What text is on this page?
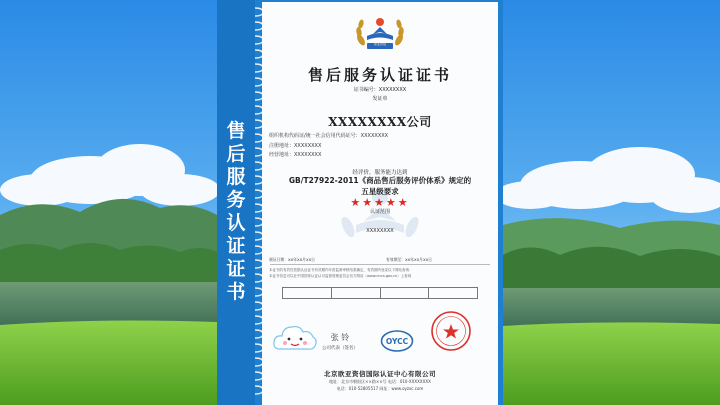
售后服务认证证书
欧亚资信
售后服务认证证书
证书编号：XXXXXXXX
发证单
XXXXXXXX公司
组织机构代码证/统一社会信用代码证号：XXXXXXXX
注册地址：XXXXXXXX
经营地址：XXXXXXXX
经评价，服务能力达到
GB/T27922-2011《商品售后服务评价体系》规定的
五星级要求
★★★★★
认证范围
XXXXXXXX
颁证日期：XX年XX月XX日	有效期至：XX年XX月XX日
本证书的有效性依据认证证书有效期内年度监督审核结果确定，有效期内登录以下网站查询：
本证书信息可以在中国国家认证认可监督管理委员会官方网站（www.cnca.gov.cn）上查询
张 铃
公司代表（签名）
OYCC
北京欧亚资信国际认证中心有限公司
地址：北京市朝阳区××路××号 电话：010-XXXXXXXX
电话：010-52805517 网址：www.oyzxc.com
